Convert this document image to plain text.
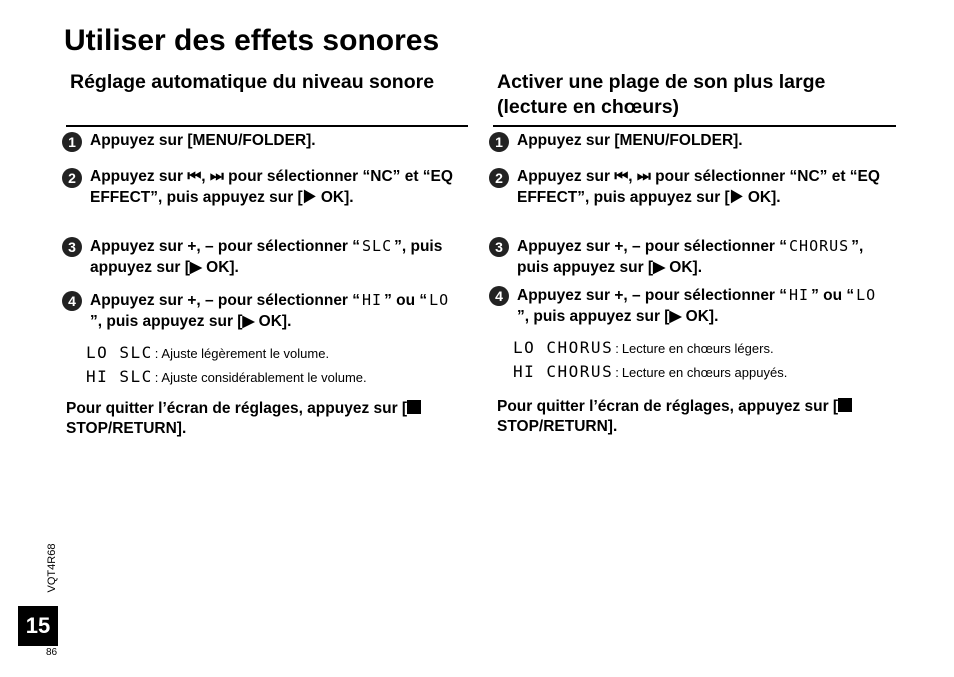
Utiliser des effets sonores
Réglage automatique du niveau sonore
1 Appuyez sur [MENU/FOLDER].
2 Appuyez sur ⏮, ⏭ pour sélectionner “NC” et “EQ EFFECT”, puis appuyez sur [▶ OK].
3 Appuyez sur +, – pour sélectionner “ SLC ”, puis appuyez sur [▶ OK].
4 Appuyez sur +, – pour sélectionner “ HI ” ou “ LO”, puis appuyez sur [▶ OK].
LO SLC : Ajuste légèrement le volume.
HI SLC : Ajuste considérablement le volume.
Pour quitter l’écran de réglages, appuyez sur [ STOP/RETURN].
Activer une plage de son plus large (lecture en chœurs)
1 Appuyez sur [MENU/FOLDER].
2 Appuyez sur ⏮, ⏭ pour sélectionner “NC” et “EQ EFFECT”, puis appuyez sur [▶ OK].
3 Appuyez sur +, – pour sélectionner “ CHORUS ”, puis appuyez sur [▶ OK].
4 Appuyez sur +, – pour sélectionner “ HI ” ou “ LO”, puis appuyez sur [▶ OK].
LO CHORUS : Lecture en chœurs légers.
HI CHORUS : Lecture en chœurs appuyés.
Pour quitter l’écran de réglages, appuyez sur [ STOP/RETURN].
VQT4R68
15
86
